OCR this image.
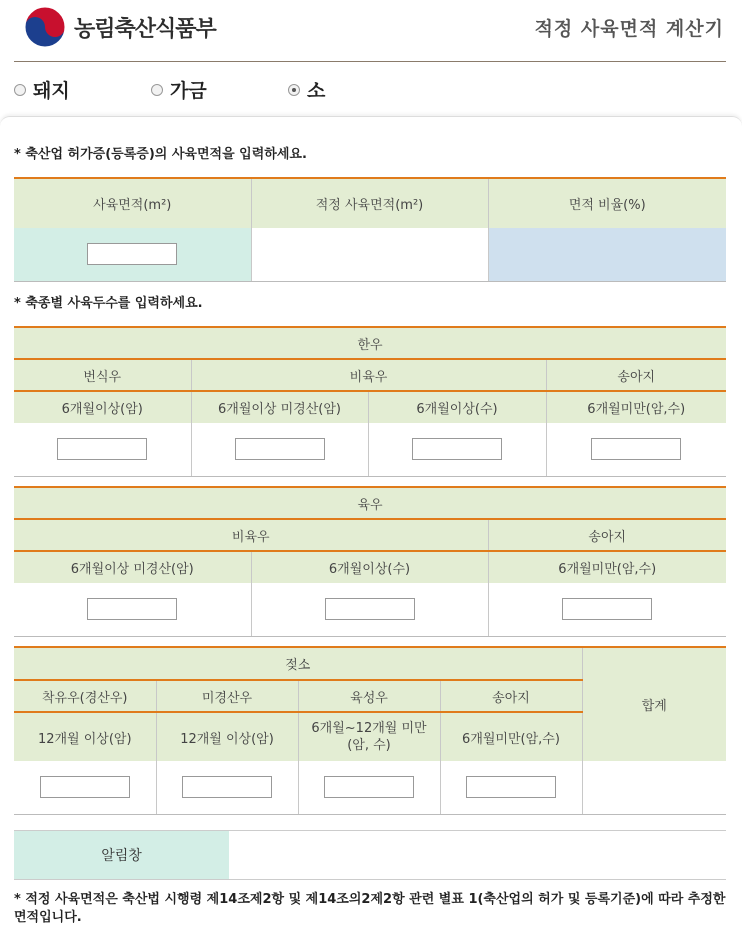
농림축산식품부	적정 사육면적 계산기
돼지	가금	소
* 축산업 허가증(등록증)의 사육면적을 입력하세요.
사육면적(m²)	적정 사육면적(m²)	면적 비율(%)

* 축종별 사육두수를 입력하세요.
한우			
번식우	비육우		송아지
6개월이상(암)	6개월이상 미경산(암)	6개월이상(수)	6개월미만(암,수)

육우		
비육우		송아지
6개월이상 미경산(암)	6개월이상(수)	6개월미만(암,수)

젖소				합계
착유우(경산우)	미경산우	육성우	송아지	
12개월 이상(암)	12개월 이상(암)	6개월~12개월 미만
(암, 수)	6개월미만(암,수)	

알림창
* 적정 사육면적은 축산법 시행령 제14조제2항 및 제14조의2제2항 관련 별표 1(축산업의 허가 및 등록기준)에 따라 추정한 면적입니다.
